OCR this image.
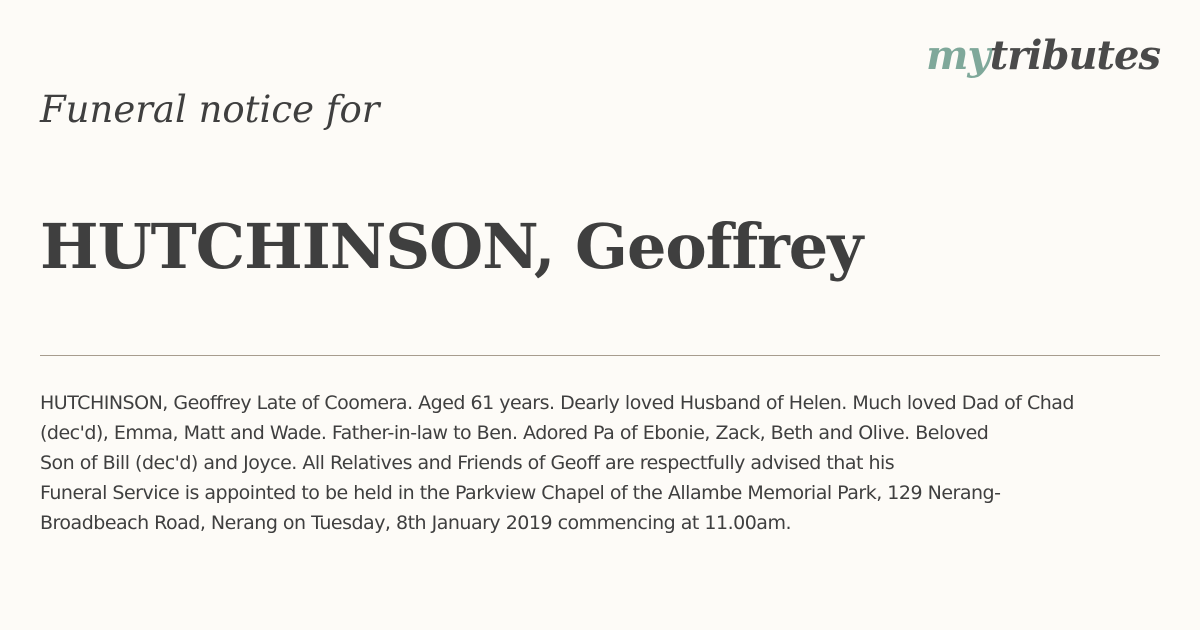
mytributes
Funeral notice for
HUTCHINSON, Geoffrey
HUTCHINSON, Geoffrey Late of Coomera. Aged 61 years. Dearly loved Husband of Helen. Much loved Dad of Chad
(dec'd), Emma, Matt and Wade. Father-in-law to Ben. Adored Pa of Ebonie, Zack, Beth and Olive. Beloved
Son of Bill (dec'd) and Joyce. All Relatives and Friends of Geoff are respectfully advised that his
Funeral Service is appointed to be held in the Parkview Chapel of the Allambe Memorial Park, 129 Nerang-
Broadbeach Road, Nerang on Tuesday, 8th January 2019 commencing at 11.00am.
